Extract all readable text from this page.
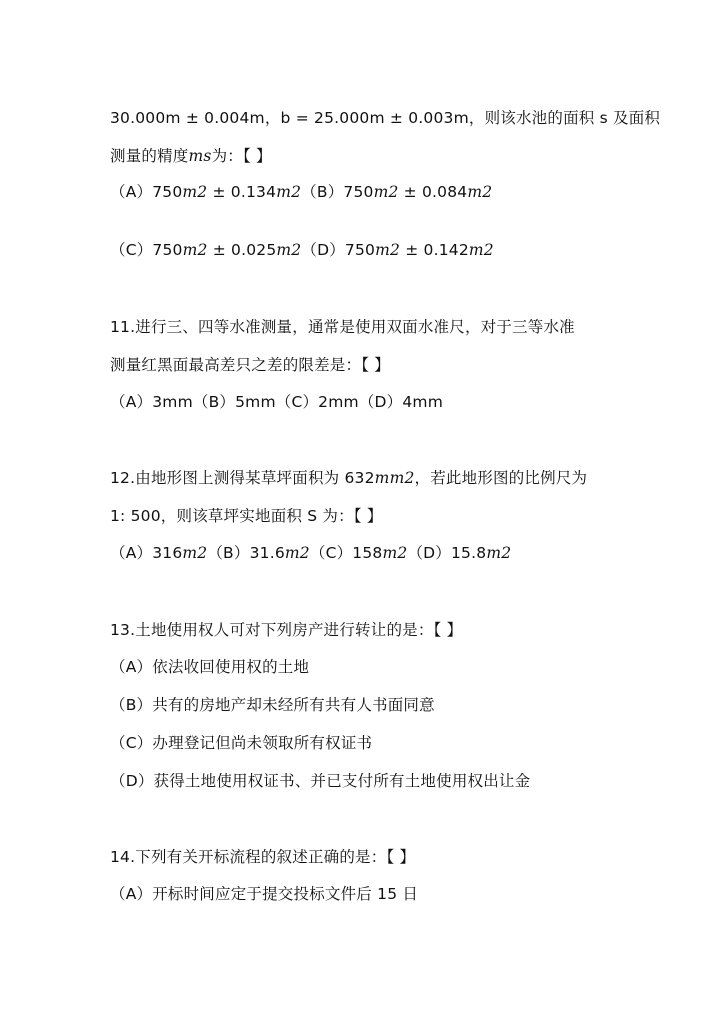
30.000m ± 0.004m，b = 25.000m ± 0.003m，则该水池的面积 s 及面积
测量的精度ms为：【 】
（A）750m2 ± 0.134m2（B）750m2 ± 0.084m2
（C）750m2 ± 0.025m2（D）750m2 ± 0.142m2
11.进行三、四等水准测量，通常是使用双面水准尺，对于三等水准
测量红黑面最高差只之差的限差是：【 】
（A）3mm（B）5mm（C）2mm（D）4mm
12.由地形图上测得某草坪面积为 632mm2，若此地形图的比例尺为
1: 500，则该草坪实地面积 S 为：【 】
（A）316m2（B）31.6m2（C）158m2（D）15.8m2
13.土地使用权人可对下列房产进行转让的是：【 】
（A）依法收回使用权的土地
（B）共有的房地产却未经所有共有人书面同意
（C）办理登记但尚未领取所有权证书
（D）获得土地使用权证书、并已支付所有土地使用权出让金
14.下列有关开标流程的叙述正确的是：【 】
（A）开标时间应定于提交投标文件后 15 日
